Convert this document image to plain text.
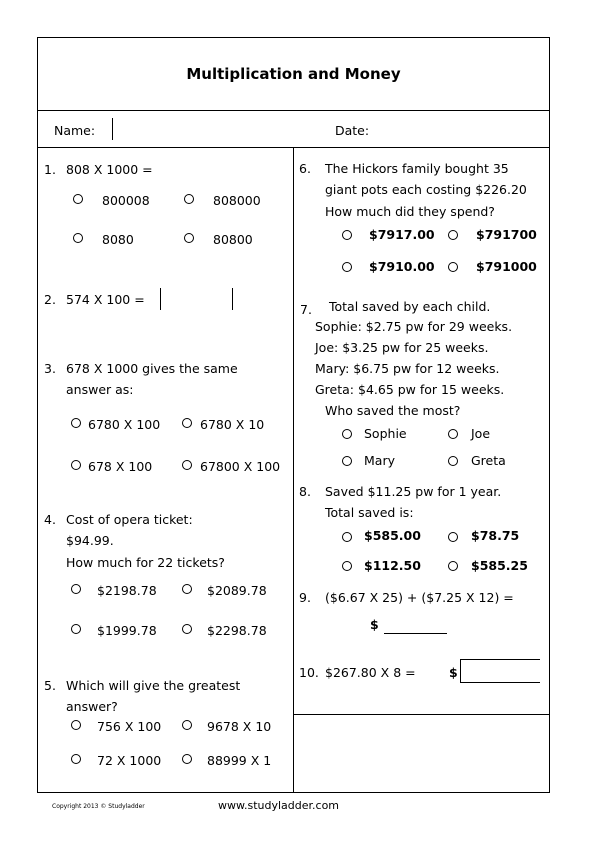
Multiplication and Money
Name:	Date:
1. 808 X 1000 =
800008	808000
8080	80800
2. 574 X 100 =
3. 678 X 1000 gives the same
answer as:
6780 X 100	6780 X 10
678 X 100	67800 X 100
4. Cost of opera ticket:
$94.99.
How much for 22 tickets?
$2198.78	$2089.78
$1999.78	$2298.78
5. Which will give the greatest
answer?
756 X 100	9678 X 10
72 X 1000	88999 X 1
6. The Hickors family bought 35
giant pots each costing $226.20
How much did they spend?
$7917.00	$791700
$7910.00	$791000
7. Total saved by each child.
Sophie: $2.75 pw for 29 weeks.
Joe: $3.25 pw for 25 weeks.
Mary: $6.75 pw for 12 weeks.
Greta: $4.65 pw for 15 weeks.
Who saved the most?
Sophie	Joe
Mary	Greta
8. Saved $11.25 pw for 1 year.
Total saved is:
$585.00	$78.75
$112.50	$585.25
9. ($6.67 X 25) + ($7.25 X 12) =
$
10. $267.80 X 8 =	$
Copyright 2013 © Studyladder	www.studyladder.com
